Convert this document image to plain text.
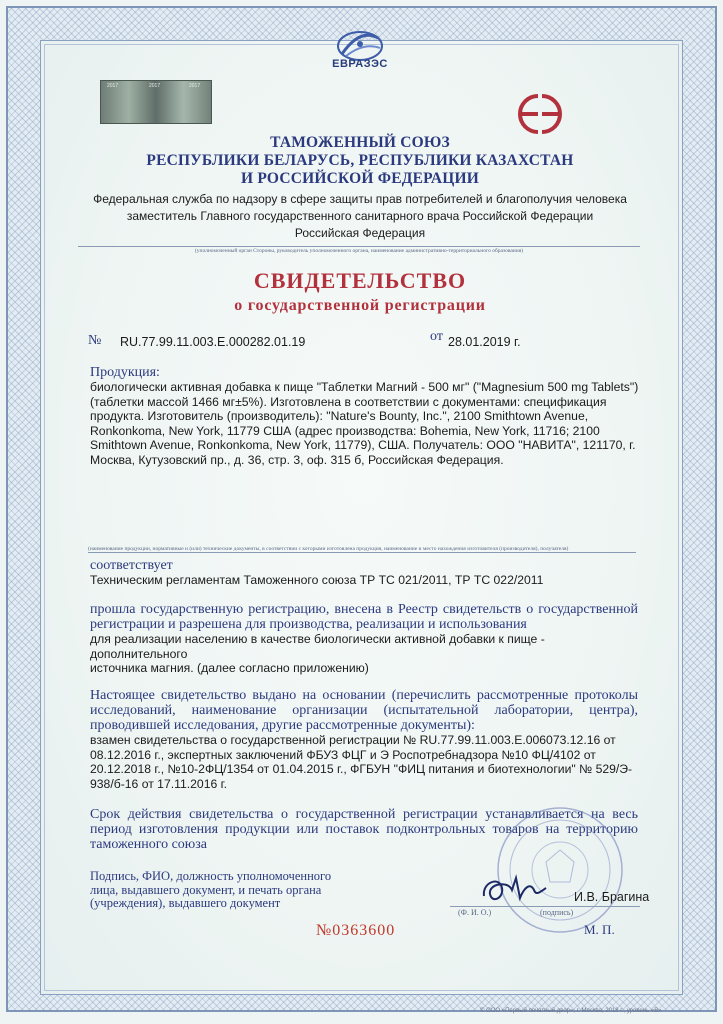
ЕВРАЗЭС
2017	2017	2017
ТАМОЖЕННЫЙ СОЮЗ
РЕСПУБЛИКИ БЕЛАРУСЬ, РЕСПУБЛИКИ КАЗАХСТАН
И РОССИЙСКОЙ ФЕДЕРАЦИИ
Федеральная служба по надзору в сфере защиты прав потребителей и благополучия человека
заместитель Главного государственного санитарного врача Российской Федерации
Российская Федерация
(уполномоченный орган Стороны, руководитель уполномоченного органа, наименование административно-территориального образования)
СВИДЕТЕЛЬСТВО
о государственной регистрации
№ RU.77.99.11.003.E.000282.01.19	от 28.01.2019 г.
Продукция:
биологически активная добавка к пище "Таблетки Магний - 500 мг" ("Magnesium 500 mg Tablets")
(таблетки массой 1466 мг±5%). Изготовлена в соответствии с документами: спецификация
продукта. Изготовитель (производитель): "Nature's Bounty, Inc.", 2100 Smithtown Avenue,
Ronkonkoma, New York, 11779 США (адрес производства: Bohemia, New York, 11716; 2100
Smithtown Avenue, Ronkonkoma, New York, 11779), США. Получатель: ООО "НАВИТА", 121170, г.
Москва, Кутузовский пр., д. 36, стр. 3, оф. 315 б, Российская Федерация.
(наименование продукции, нормативные и (или) технические документы, в соответствии с которыми изготовлена продукция, наименование и место нахождения изготовителя (производителя), получателя)
соответствует
Техническим регламентам Таможенного союза ТР ТС 021/2011, ТР ТС 022/2011
прошла государственную регистрацию, внесена в Реестр свидетельств о государственной регистрации и разрешена для производства, реализации и использования
для реализации населению в качестве биологически активной добавки к пище - дополнительного
источника магния. (далее согласно приложению)
Настоящее свидетельство выдано на основании (перечислить рассмотренные протоколы исследований, наименование организации (испытательной лаборатории, центра), проводившей исследования, другие рассмотренные документы):
взамен свидетельства о государственной регистрации № RU.77.99.11.003.E.006073.12.16 от
08.12.2016 г., экспертных заключений ФБУЗ ФЦГ и Э Роспотребнадзора №10 ФЦ/4102 от
20.12.2018 г., №10-2ФЦ/1354 от 01.04.2015 г., ФГБУН "ФИЦ питания и биотехнологии" № 529/Э-
938/б-16 от 17.11.2016 г.
Срок действия свидетельства о государственной регистрации устанавливается на весь период изготовления продукции или поставок подконтрольных товаров на территорию таможенного союза
Подпись, ФИО, должность уполномоченного лица, выдавшего документ, и печать органа (учреждения), выдавшего документ	И.В. Брагина
(Ф. И. О.)	(подпись)
№0363600	М. П.
© ООО «Первый печатный двор», г. Москва, 2018 г., уровень «В»
